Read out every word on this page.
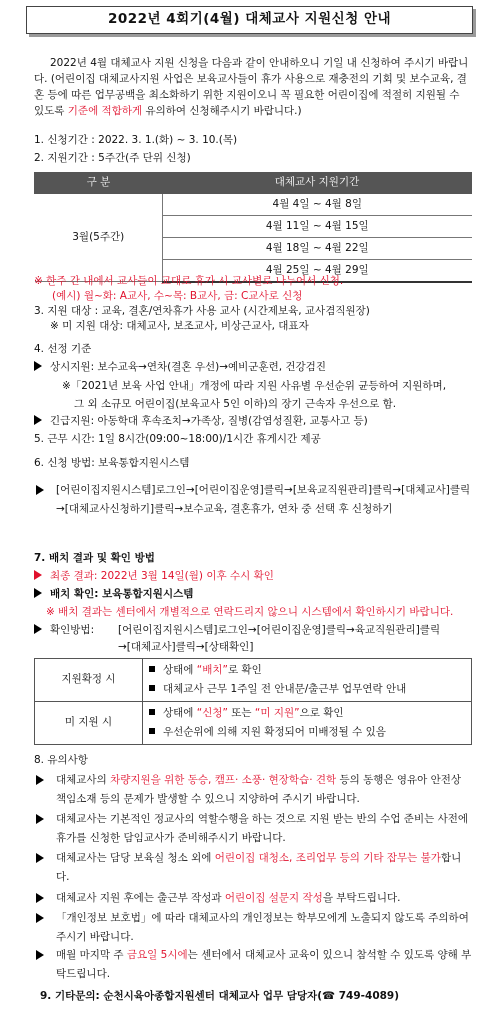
2022년 4회기(4월) 대체교사 지원신청 안내
2022년 4월 대체교사 지원 신청을 다음과 같이 안내하오니 기일 내 신청하여 주시기 바랍니다. (어린이집 대체교사지원 사업은 보육교사들이 휴가 사용으로 재충전의 기회 및 보수교육, 결혼 등에 따른 업무공백을 최소화하기 위한 지원이오니 꼭 필요한 어린이집에 적절히 지원될 수 있도록 기준에 적합하게 유의하여 신청해주시기 바랍니다.)
1. 신청기간 : 2022. 3. 1.(화) ~ 3. 10.(목)
2. 지원기간 : 5주간(주 단위 신청)
구 분	대체교사 지원기간
3월(5주간)	4월 4일 ~ 4월 8일
	4월 11일 ~ 4월 15일
	4월 18일 ~ 4월 22일
	4월 25일 ~ 4월 29일
※ 한주 간 내에서 교사들이 교대로 휴가 시 교사별로 나누어서 신청.
(예시) 월~화: A교사, 수~목: B교사, 금: C교사로 신청
3. 지원 대상 : 교육, 결혼/연차휴가 사용 교사 (시간제보육, 교사겸직원장)
※ 미 지원 대상: 대체교사, 보조교사, 비상근교사, 대표자
4. 선정 기준
상시지원: 보수교육→연차(결혼 우선)→예비군훈련, 건강검진
※「2021년 보육 사업 안내」개정에 따라 지원 사유별 우선순위 균등하여 지원하며,
그 외 소규모 어린이집(보육교사 5인 이하)의 장기 근속자 우선으로 함.
긴급지원: 아동학대 후속조치→가족상, 질병(감염성질환, 교통사고 등)
5. 근무 시간: 1일 8시간(09:00~18:00)/1시간 휴게시간 제공
6. 신청 방법: 보육통합지원시스템
[어린이집지원시스템]로그인→[어린이집운영]클릭→[보육교직원관리]클릭→[대체교사]클릭→[대체교사신청하기]클릭→보수교육, 결혼휴가, 연차 중 선택 후 신청하기
7. 배치 결과 및 확인 방법
최종 결과: 2022년 3월 14일(월) 이후 수시 확인
배치 확인: 보육통합지원시스템
※ 배치 결과는 센터에서 개별적으로 연락드리지 않으니 시스템에서 확인하시기 바랍니다.
확인방법: [어린이집지원시스템]로그인→[어린이집운영]클릭→육교직원관리]클릭
→[대체교사]클릭→[상태확인]
지원확정 시	상태에 “배치”로 확인
대체교사 근무 1주일 전 안내문/출근부 업무연락 안내

미 지원 시	상태에 “신청” 또는 “미 지원”으로 확인
우선순위에 의해 지원 확정되어 미배정될 수 있음
8. 유의사항
대체교사의 차량지원을 위한 동승, 캠프· 소풍· 현장학습· 견학 등의 동행은 영유아 안전상 책임소재 등의 문제가 발생할 수 있으니 지양하여 주시기 바랍니다.
대체교사는 기본적인 정교사의 역할수행을 하는 것으로 지원 받는 반의 수업 준비는 사전에 휴가를 신청한 담임교사가 준비해주시기 바랍니다.
대체교사는 담당 보육실 청소 외에 어린이집 대청소, 조리업무 등의 기타 잡무는 불가합니다.
대체교사 지원 후에는 출근부 작성과 어린이집 설문지 작성을 부탁드립니다.
「개인정보 보호법」에 따라 대체교사의 개인정보는 학부모에게 노출되지 않도록 주의하여 주시기 바랍니다.
매월 마지막 주 금요일 5시에는 센터에서 대체교사 교육이 있으니 참석할 수 있도록 양해 부탁드립니다.
9. 기타문의: 순천시육아종합지원센터 대체교사 업무 담당자(☎ 749-4089)
